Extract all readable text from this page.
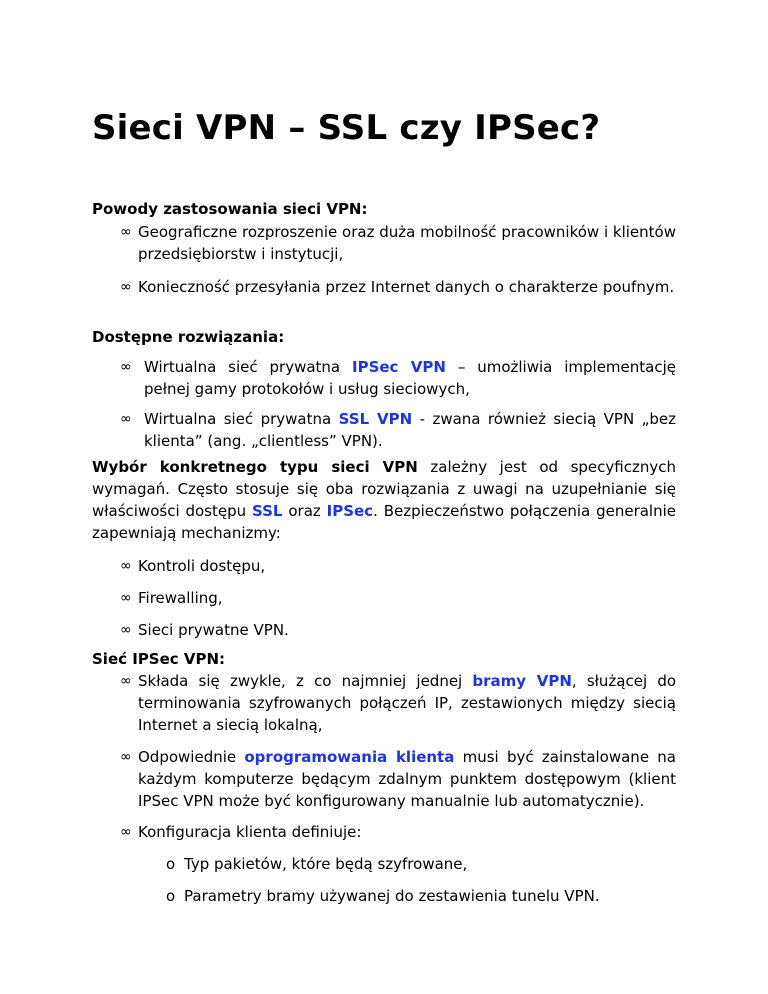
Sieci VPN – SSL czy IPSec?
Powody zastosowania sieci VPN:
∞ Geograficzne rozproszenie oraz duża mobilność pracowników i klientów przedsiębiorstw i instytucji,
∞ Konieczność przesyłania przez Internet danych o charakterze poufnym.
Dostępne rozwiązania:
∞ Wirtualna sieć prywatna IPSec VPN – umożliwia implementację pełnej gamy protokołów i usług sieciowych,
∞ Wirtualna sieć prywatna SSL VPN - zwana również siecią VPN „bez klienta” (ang. „clientless” VPN).
Wybór konkretnego typu sieci VPN zależny jest od specyficznych wymagań. Często stosuje się oba rozwiązania z uwagi na uzupełnianie się właściwości dostępu SSL oraz IPSec. Bezpieczeństwo połączenia generalnie zapewniają mechanizmy:
∞ Kontroli dostępu,
∞ Firewalling,
∞ Sieci prywatne VPN.
Sieć IPSec VPN:
∞ Składa się zwykle, z co najmniej jednej bramy VPN, służącej do terminowania szyfrowanych połączeń IP, zestawionych między siecią Internet a siecią lokalną,
∞ Odpowiednie oprogramowania klienta musi być zainstalowane na każdym komputerze będącym zdalnym punktem dostępowym (klient IPSec VPN może być konfigurowany manualnie lub automatycznie).
∞ Konfiguracja klienta definiuje:
o Typ pakietów, które będą szyfrowane,
o Parametry bramy używanej do zestawienia tunelu VPN.
